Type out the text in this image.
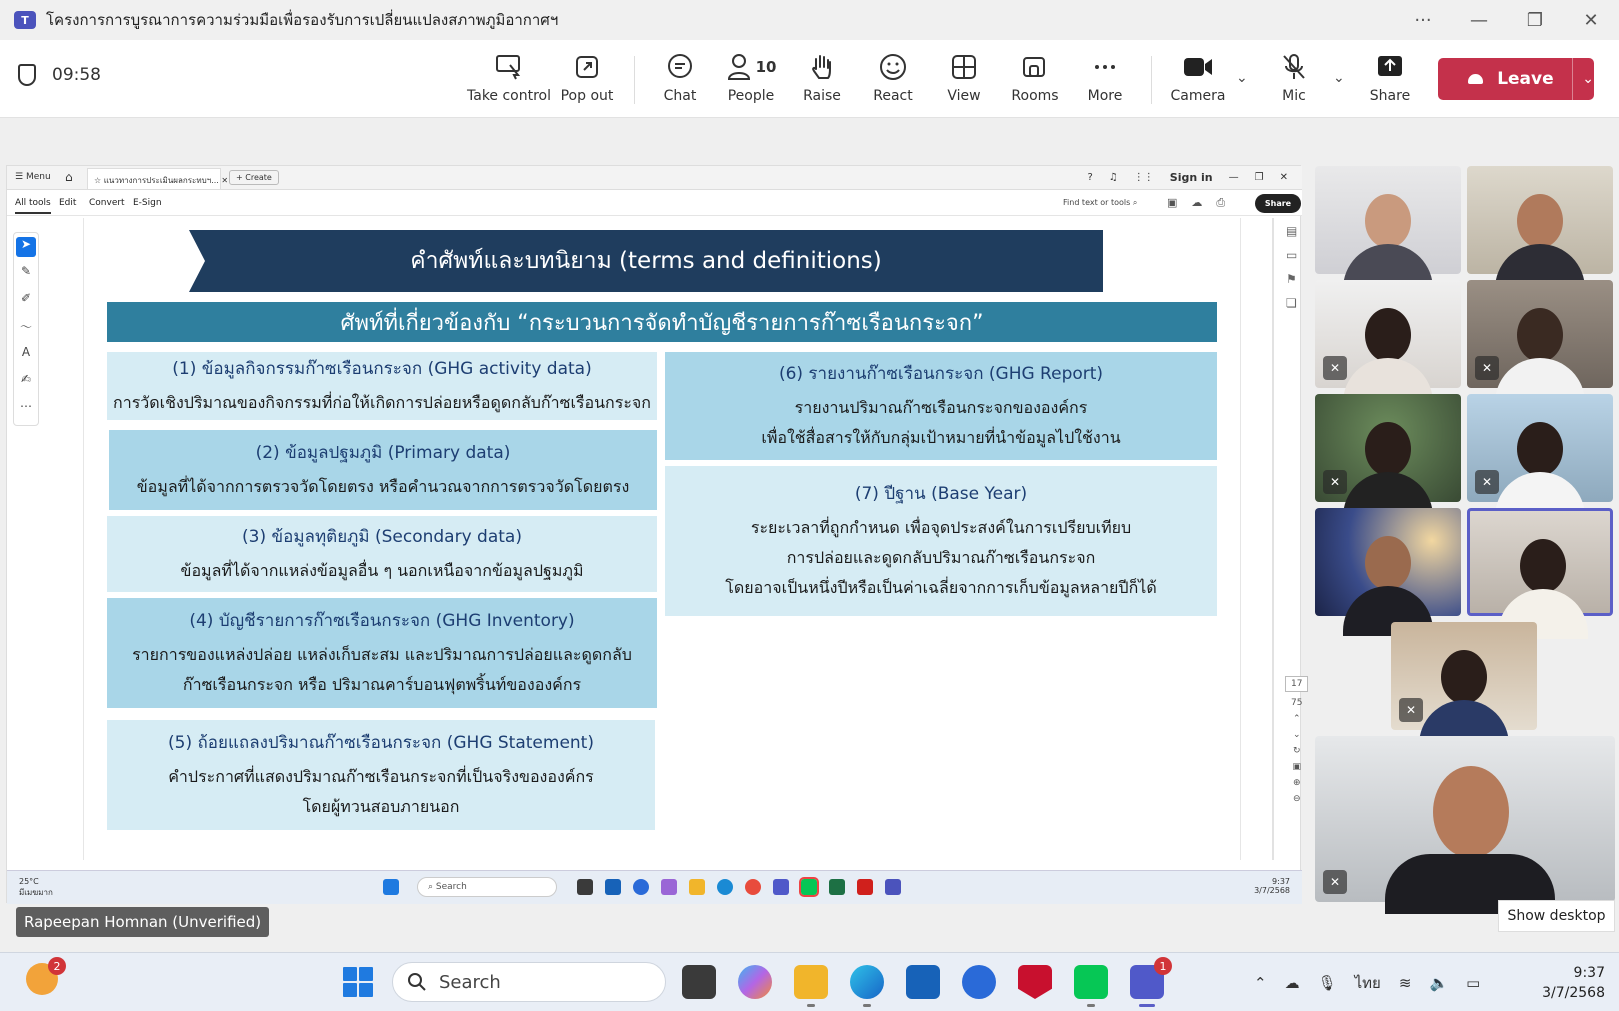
T	โครงการการบูรณาการความร่วมมือเพื่อรองรับการเปลี่ยนแปลงสภาพภูมิอากาศฯ	···	—	❐	✕
09:58
Take control Pop out	Chat
10
People Raise React View Rooms More	Camera
⌄
Mic
⌄
Share
Leave ⌄
☰ Menu ⌂	☆ แนวทางการประเมินผลกระทบฯ... ✕ + Create	? ♫ ⋮⋮ Sign in — ❐ ✕
All tools Edit Convert E-Sign	Find text or tools ⌕	▣ ☁ ⎙	Share
➤
✎
✐
〜
A
✍
⋯
▤
▭
⚑
❏
17
75
⌃
⌄
↻
▣
⊕
⊖
คำศัพท์และบทนิยาม (terms and definitions)
ศัพท์ที่เกี่ยวข้องกับ “กระบวนการจัดทำบัญชีรายการก๊าซเรือนกระจก”
(1) ข้อมูลกิจกรรมก๊าซเรือนกระจก (GHG activity data)
การวัดเชิงปริมาณของกิจกรรมที่ก่อให้เกิดการปล่อยหรือดูดกลับก๊าซเรือนกระจก
(2) ข้อมูลปฐมภูมิ (Primary data)
ข้อมูลที่ได้จากการตรวจวัดโดยตรง หรือคำนวณจากการตรวจวัดโดยตรง
(3) ข้อมูลทุติยภูมิ (Secondary data)
ข้อมูลที่ได้จากแหล่งข้อมูลอื่น ๆ นอกเหนือจากข้อมูลปฐมภูมิ
(4) บัญชีรายการก๊าซเรือนกระจก (GHG Inventory)
รายการของแหล่งปล่อย แหล่งเก็บสะสม และปริมาณการปล่อยและดูดกลับ
ก๊าซเรือนกระจก หรือ ปริมาณคาร์บอนฟุตพริ้นท์ขององค์กร
(5) ถ้อยแถลงปริมาณก๊าซเรือนกระจก (GHG Statement)
คำประกาศที่แสดงปริมาณก๊าซเรือนกระจกที่เป็นจริงขององค์กร
โดยผู้ทวนสอบภายนอก
(6) รายงานก๊าซเรือนกระจก (GHG Report)
รายงานปริมาณก๊าซเรือนกระจกขององค์กร
เพื่อใช้สื่อสารให้กับกลุ่มเป้าหมายที่นำข้อมูลไปใช้งาน
(7) ปีฐาน (Base Year)
ระยะเวลาที่ถูกกำหนด เพื่อจุดประสงค์ในการเปรียบเทียบ
การปล่อยและดูดกลับปริมาณก๊าซเรือนกระจก
โดยอาจเป็นหนึ่งปีหรือเป็นค่าเฉลี่ยจากการเก็บข้อมูลหลายปีก็ได้
25°C
มีเมฆมาก
⌕ Search
9:37
3/7/2568
✕	✕
✕	✕
✕
✕
Rapeepan Homnan (Unverified)	Show desktop
2
Search
1
⌃ ☁ 🎙 ไทย ≋ 🔈 ▭
9:37
3/7/2568
